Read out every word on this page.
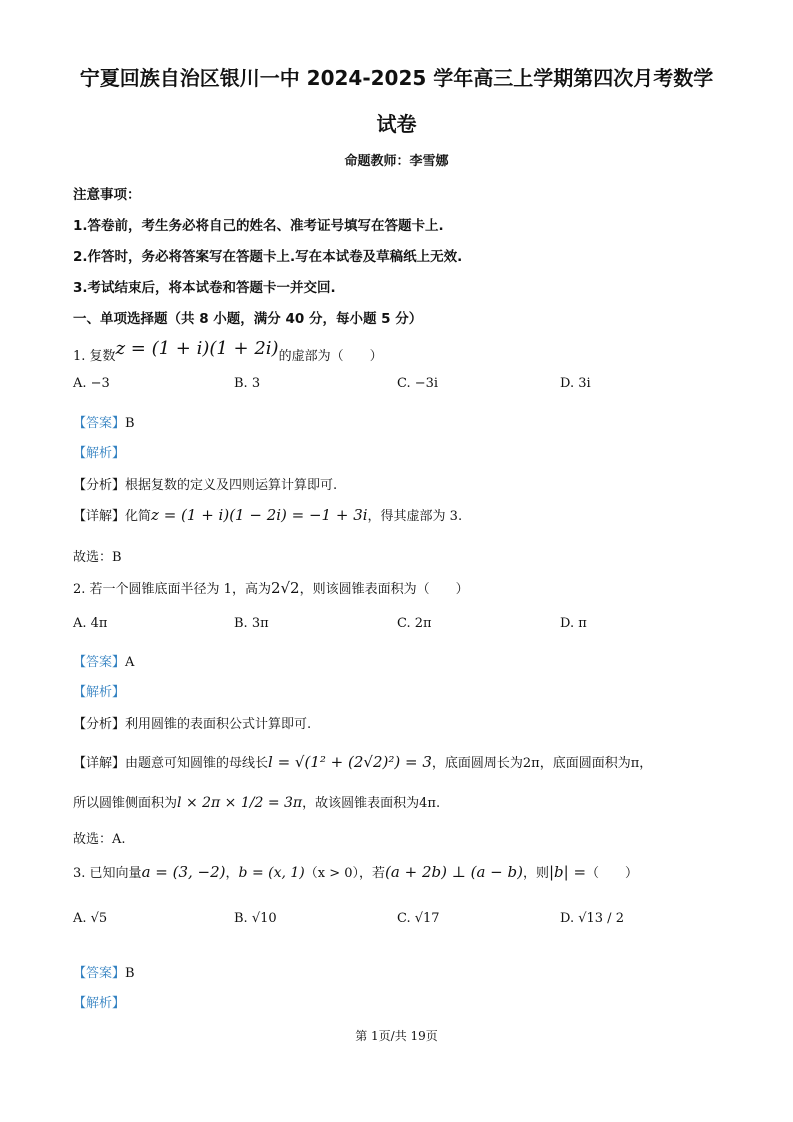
宁夏回族自治区银川一中 2024-2025 学年高三上学期第四次月考数学
试卷
命题教师：李雪娜
注意事项：
1.答卷前，考生务必将自己的姓名、准考证号填写在答题卡上.
2.作答时，务必将答案写在答题卡上.写在本试卷及草稿纸上无效.
3.考试结束后，将本试卷和答题卡一并交回.
一、单项选择题（共 8 小题，满分 40 分，每小题 5 分）
1. 复数z = (1 + i)(1 + 2i)的虚部为（　　）
A. −3	B. 3	C. −3i	D. 3i
【答案】B
【解析】
【分析】根据复数的定义及四则运算计算即可.
【详解】化简z = (1 + i)(1 − 2i) = −1 + 3i，得其虚部为 3.
故选：B
2. 若一个圆锥底面半径为 1，高为2√2，则该圆锥表面积为（　　）
A. 4π	B. 3π	C. 2π	D. π
【答案】A
【解析】
【分析】利用圆锥的表面积公式计算即可.
【详解】由题意可知圆锥的母线长l = √(1² + (2√2)²) = 3，底面圆周长为2π，底面圆面积为π，
所以圆锥侧面积为l × 2π × 1/2 = 3π，故该圆锥表面积为4π.
故选：A.
3. 已知向量a = (3, −2)，b = (x, 1)（x > 0），若(a + 2b) ⊥ (a − b)，则|b| =（　　）
A. √5	B. √10	C. √17	D. √13 / 2
【答案】B
【解析】
第 1页/共 19页
